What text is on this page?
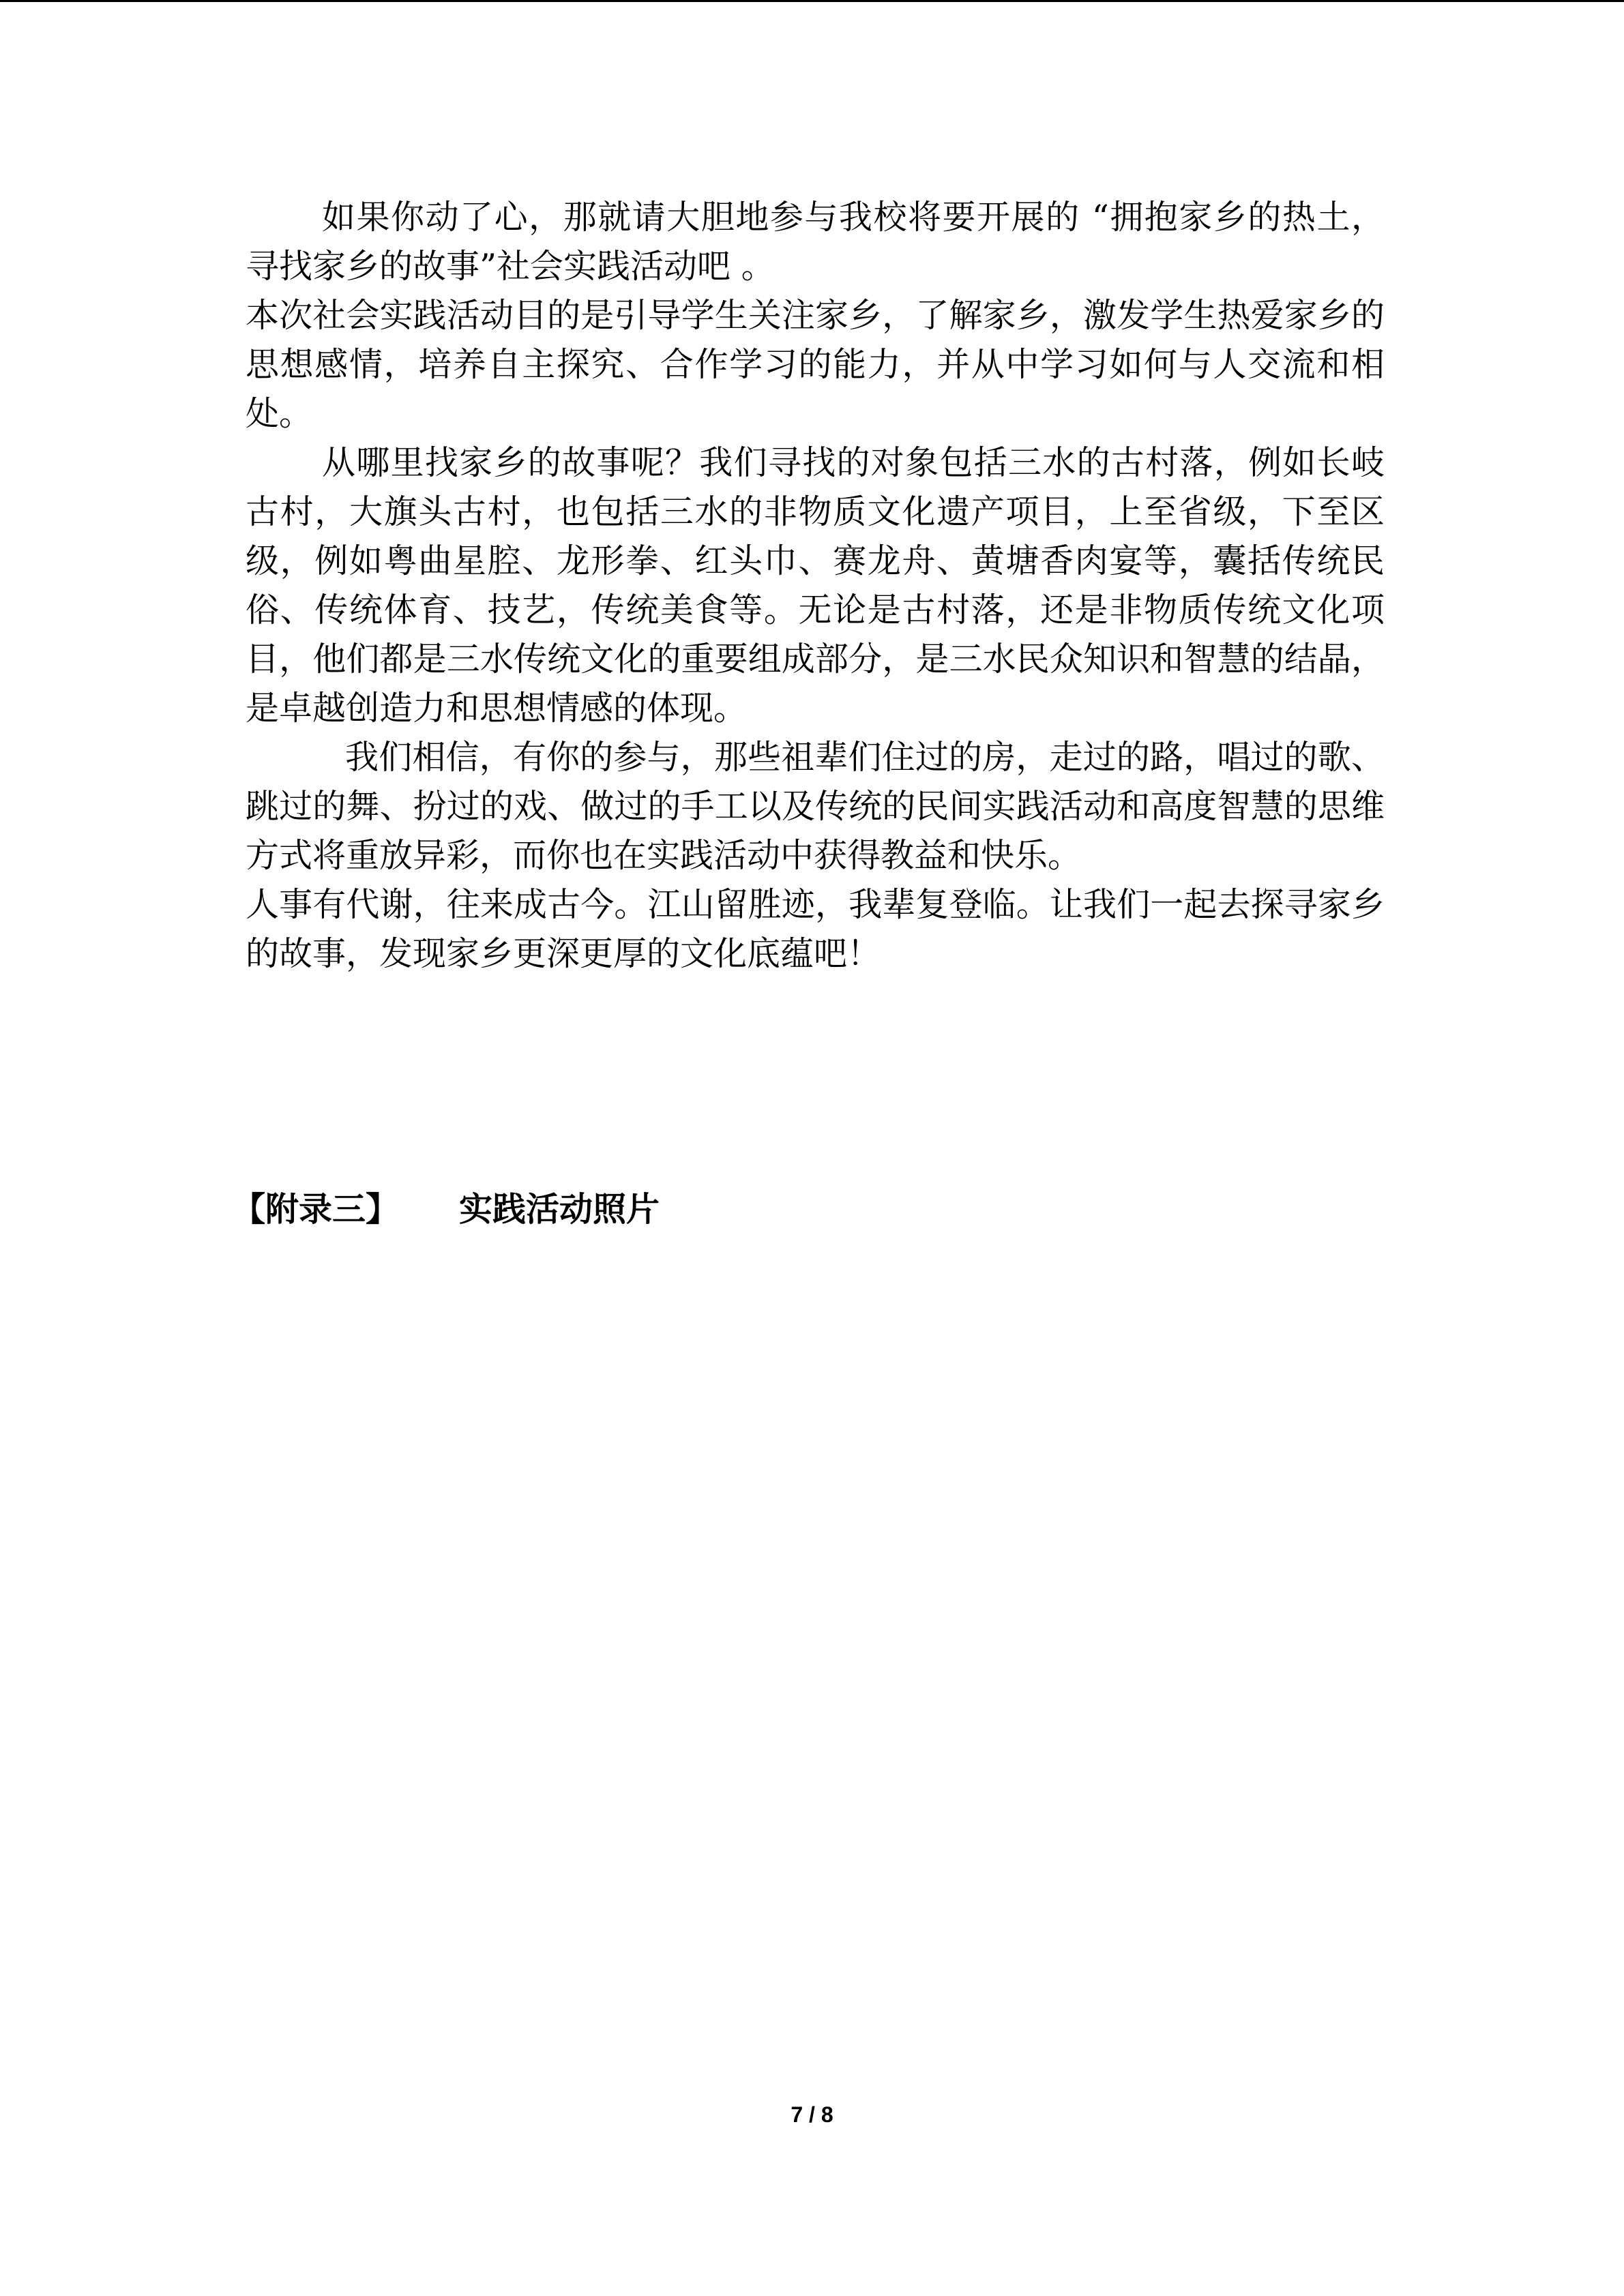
如果你动了心，那就请大胆地参与我校将要开展的 “拥抱家乡的热土，寻找家乡的故事”社会实践活动吧 。

本次社会实践活动目的是引导学生关注家乡，了解家乡，激发学生热爱家乡的思想感情，培养自主探究、合作学习的能力，并从中学习如何与人交流和相处。

从哪里找家乡的故事呢？我们寻找的对象包括三水的古村落，例如长岐古村，大旗头古村，也包括三水的非物质文化遗产项目，上至省级，下至区级，例如粤曲星腔、龙形拳、红头巾、赛龙舟、黄塘香肉宴等，囊括传统民俗、传统体育、技艺，传统美食等。无论是古村落，还是非物质传统文化项目，他们都是三水传统文化的重要组成部分，是三水民众知识和智慧的结晶，是卓越创造力和思想情感的体现。

我们相信，有你的参与，那些祖辈们住过的房，走过的路，唱过的歌、跳过的舞、扮过的戏、做过的手工以及传统的民间实践活动和高度智慧的思维方式将重放异彩，而你也在实践活动中获得教益和快乐。

人事有代谢，往来成古今。江山留胜迹，我辈复登临。让我们一起去探寻家乡的故事，发现家乡更深更厚的文化底蕴吧！

【附录三】 实践活动照片
7 / 8
